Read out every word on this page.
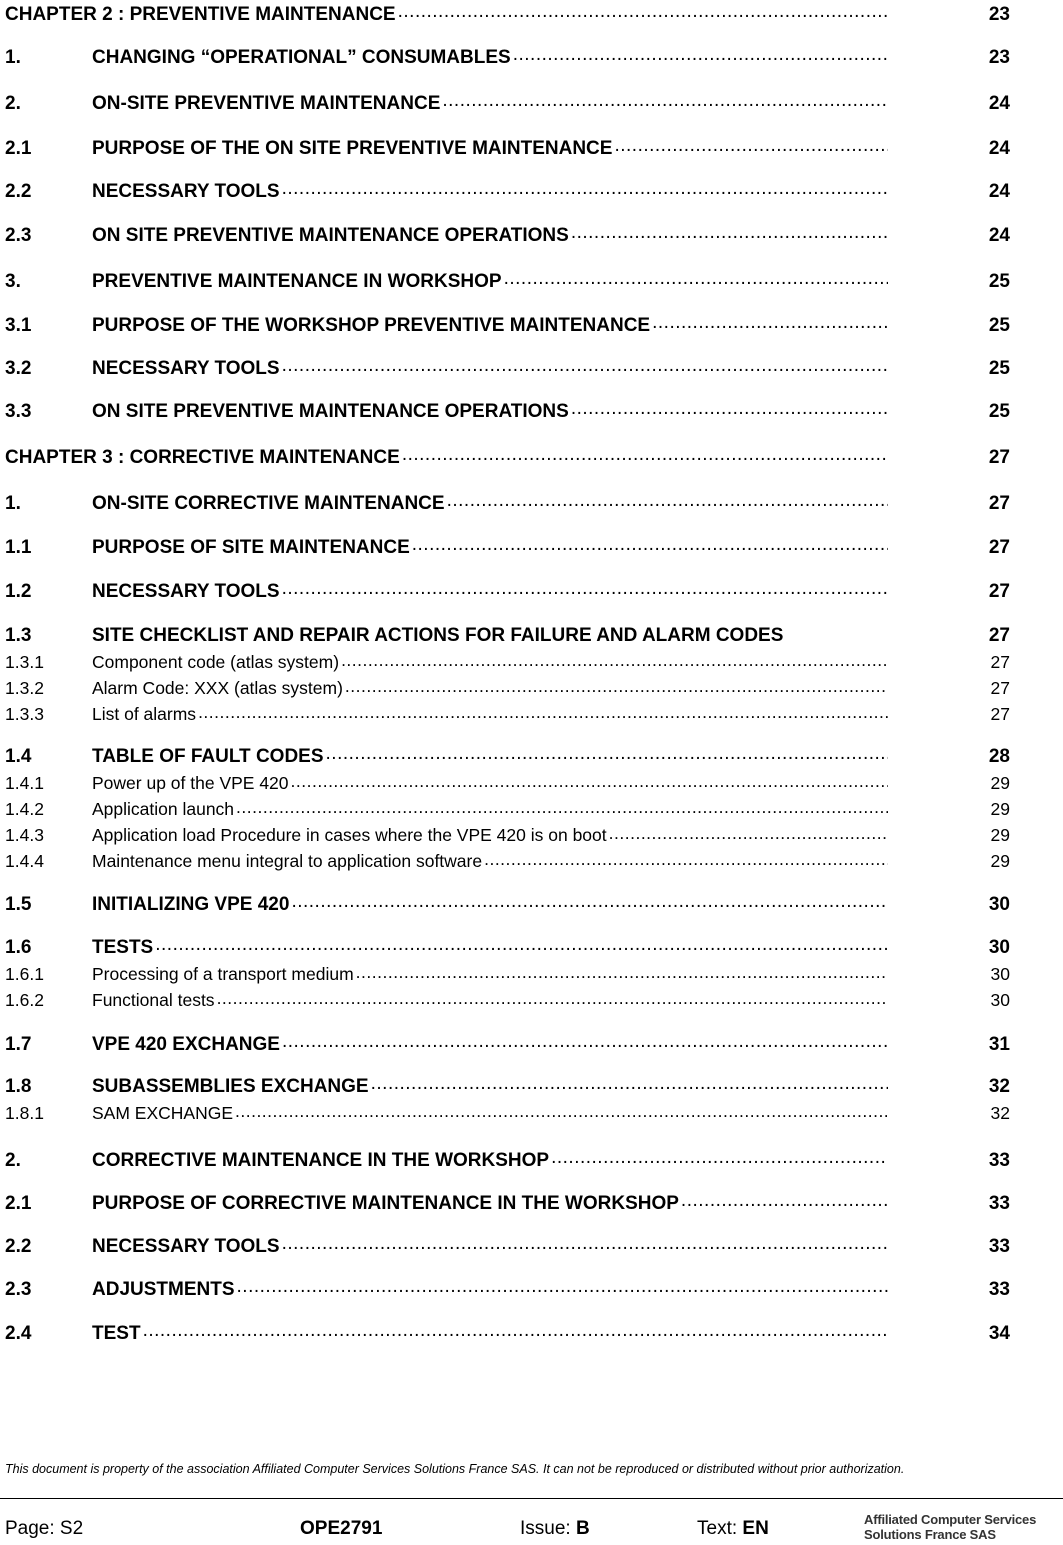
CHAPTER 2 : PREVENTIVE MAINTENANCE .....	23
1.	CHANGING “OPERATIONAL” CONSUMABLES .....	23
2.	ON-SITE PREVENTIVE MAINTENANCE .....	24
2.1	PURPOSE OF THE ON SITE PREVENTIVE MAINTENANCE .....	24
2.2	NECESSARY TOOLS .....	24
2.3	ON SITE PREVENTIVE MAINTENANCE OPERATIONS .....	24
3.	PREVENTIVE MAINTENANCE IN WORKSHOP .....	25
3.1	PURPOSE OF THE WORKSHOP PREVENTIVE MAINTENANCE .....	25
3.2	NECESSARY TOOLS .....	25
3.3	ON SITE PREVENTIVE MAINTENANCE OPERATIONS .....	25
CHAPTER 3 : CORRECTIVE MAINTENANCE .....	27
1.	ON-SITE CORRECTIVE MAINTENANCE .....	27
1.1	PURPOSE OF SITE MAINTENANCE .....	27
1.2	NECESSARY TOOLS .....	27
1.3	SITE CHECKLIST AND REPAIR ACTIONS FOR FAILURE AND ALARM CODES	27
1.3.1	Component code (atlas system) .....	27
1.3.2	Alarm Code: XXX (atlas system) .....	27
1.3.3	List of alarms .....	27
1.4	TABLE OF FAULT CODES .....	28
1.4.1	Power up of the VPE 420 .....	29
1.4.2	Application launch .....	29
1.4.3	Application load Procedure in cases where the VPE 420 is on boot .....	29
1.4.4	Maintenance menu integral to application software .....	29
1.5	INITIALIZING VPE 420 .....	30
1.6	TESTS .....	30
1.6.1	Processing of a transport medium .....	30
1.6.2	Functional tests .....	30
1.7	VPE 420 EXCHANGE .....	31
1.8	SUBASSEMBLIES EXCHANGE .....	32
1.8.1	SAM EXCHANGE .....	32
2.	CORRECTIVE MAINTENANCE IN THE WORKSHOP .....	33
2.1	PURPOSE OF CORRECTIVE MAINTENANCE IN THE WORKSHOP .....	33
2.2	NECESSARY TOOLS .....	33
2.3	ADJUSTMENTS .....	33
2.4	TEST .....	34
This document is property of the association Affiliated Computer Services Solutions France SAS. It can not be reproduced or distributed without prior authorization.
Page: S2	OPE2791	Issue: B	Text: EN	Affiliated Computer Services
Solutions France SAS
